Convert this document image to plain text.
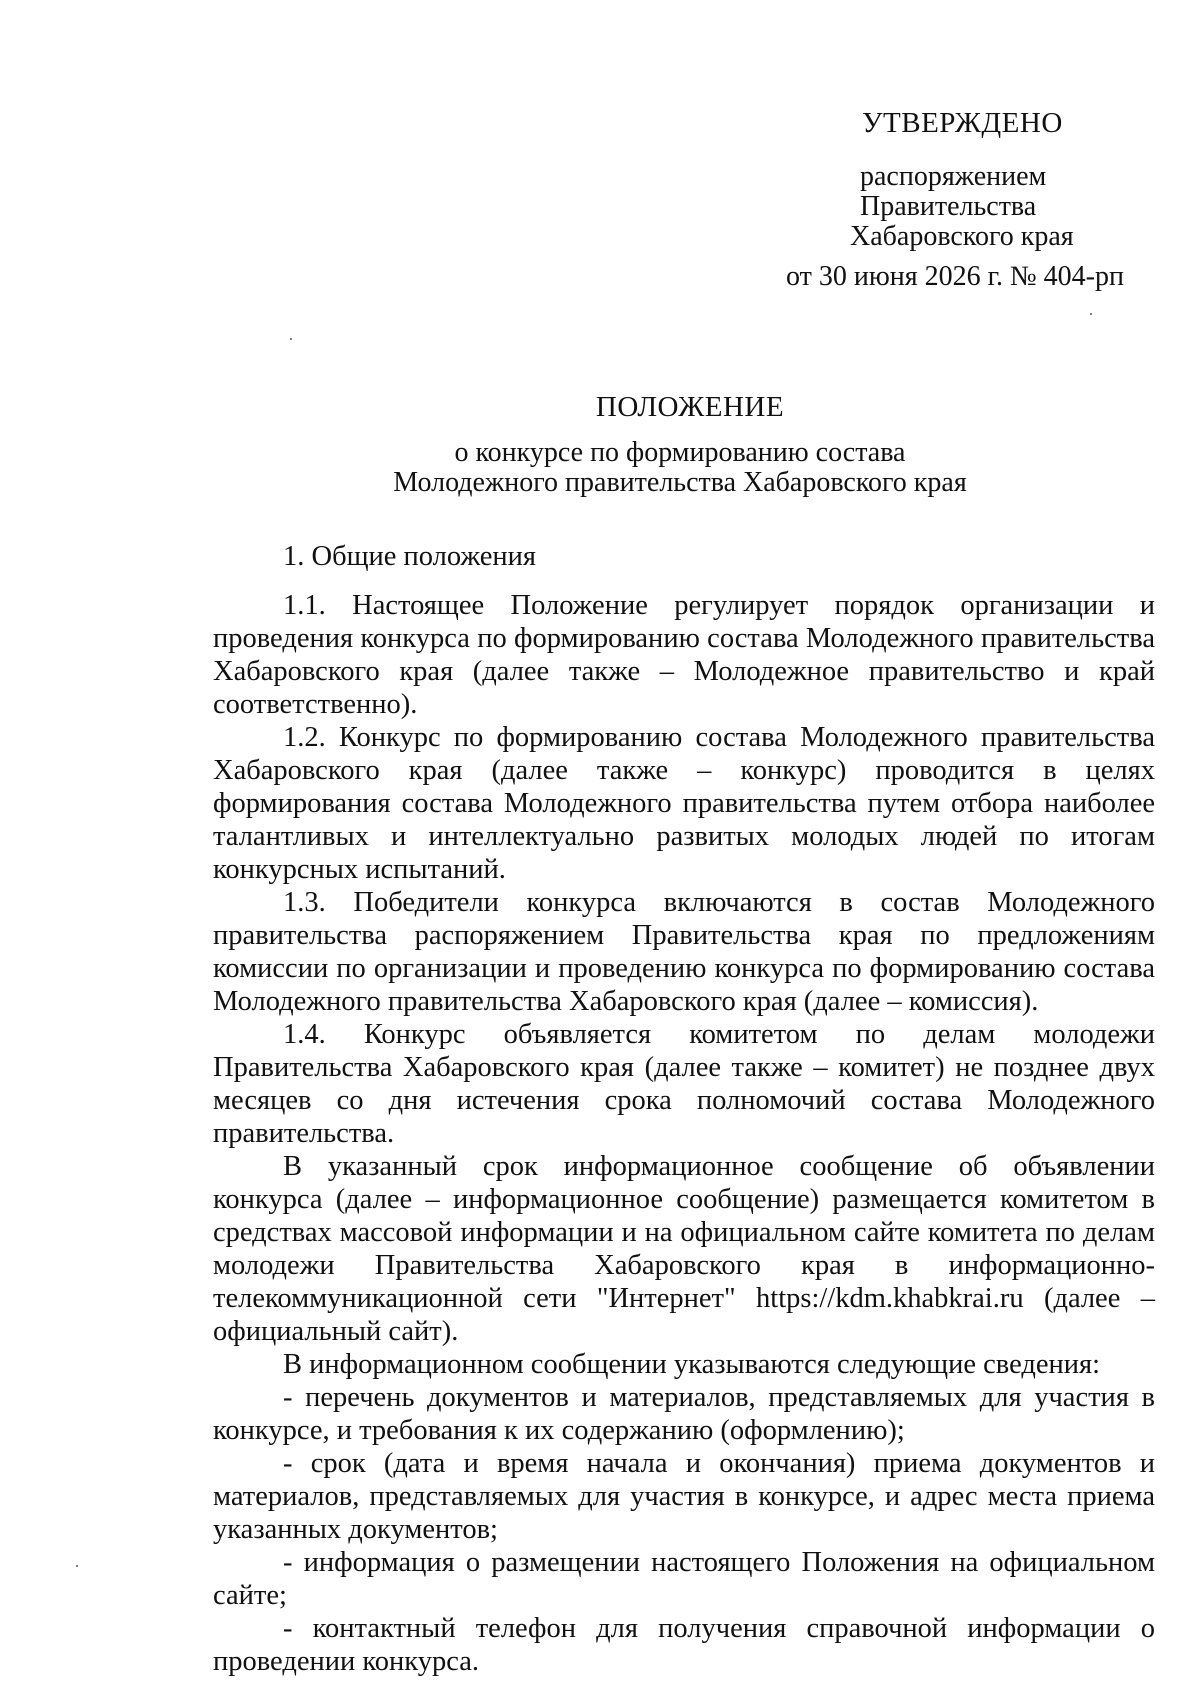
УТВЕРЖДЕНО
распоряжением
Правительства
Хабаровского края
от 30 июня 2026 г. № 404-рп
ПОЛОЖЕНИЕ
о конкурсе по формированию состава
Молодежного правительства Хабаровского края

1. Общие положения

1.1. Настоящее Положение регулирует порядок организации и проведения конкурса по формированию состава Молодежного правительства Хабаровского края (далее также – Молодежное правительство и край соответственно).

1.2. Конкурс по формированию состава Молодежного правительства Хабаровского края (далее также – конкурс) проводится в целях формирования состава Молодежного правительства путем отбора наиболее талантливых и интеллектуально развитых молодых людей по итогам конкурсных испытаний.

1.3. Победители конкурса включаются в состав Молодежного правительства распоряжением Правительства края по предложениям комиссии по организации и проведению конкурса по формированию состава Молодежного правительства Хабаровского края (далее – комиссия).

1.4. Конкурс объявляется комитетом по делам молодежи Правительства Хабаровского края (далее также – комитет) не позднее двух месяцев со дня истечения срока полномочий состава Молодежного правительства.

В указанный срок информационное сообщение об объявлении конкурса (далее – информационное сообщение) размещается комитетом в средствах массовой информации и на официальном сайте комитета по делам молодежи Правительства Хабаровского края в информационно-телекоммуникационной сети "Интернет" https://kdm.khabkrai.ru (далее – официальный сайт).

В информационном сообщении указываются следующие сведения:

- перечень документов и материалов, представляемых для участия в конкурсе, и требования к их содержанию (оформлению);

- срок (дата и время начала и окончания) приема документов и материалов, представляемых для участия в конкурсе, и адрес места приема указанных документов;

- информация о размещении настоящего Положения на официальном сайте;

- контактный телефон для получения справочной информации о проведении конкурса.
